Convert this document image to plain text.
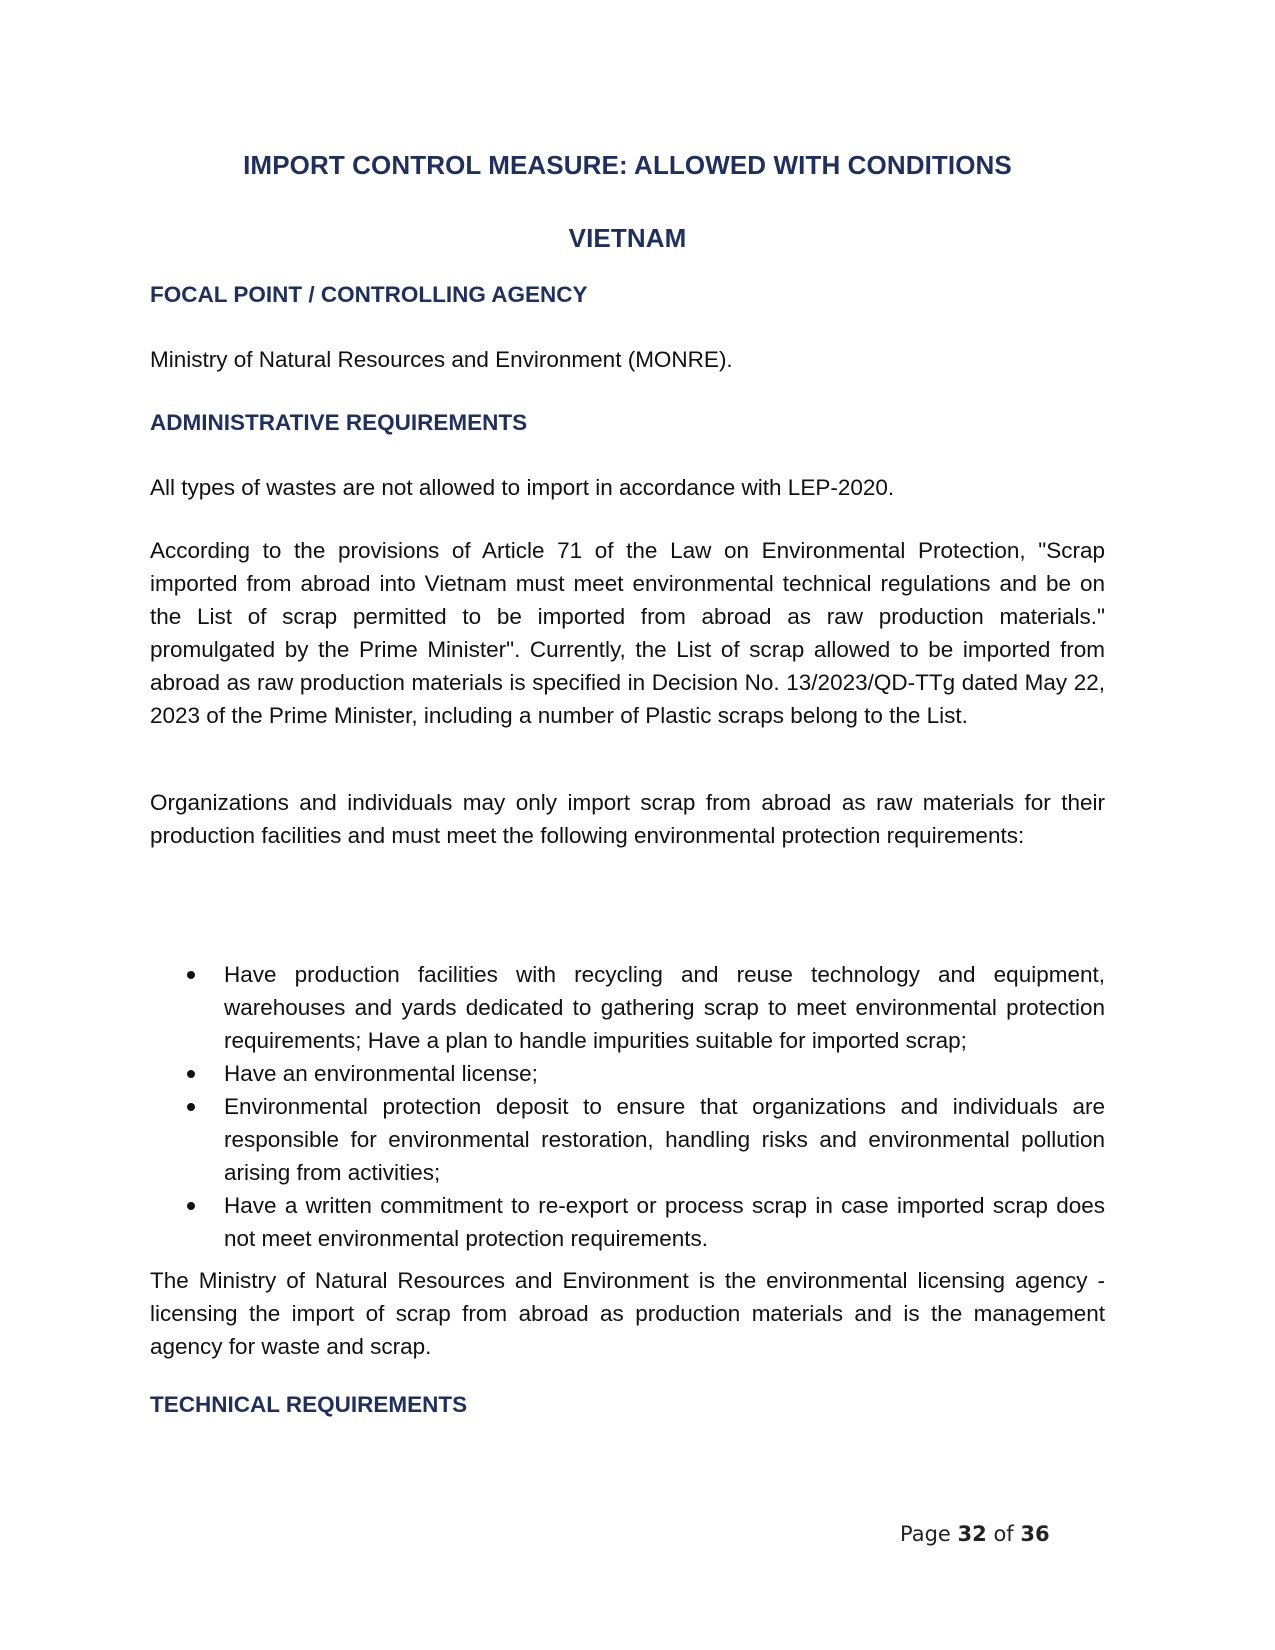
IMPORT CONTROL MEASURE: ALLOWED WITH CONDITIONS
VIETNAM
FOCAL POINT / CONTROLLING AGENCY

Ministry of Natural Resources and Environment (MONRE).

ADMINISTRATIVE REQUIREMENTS

All types of wastes are not allowed to import in accordance with LEP-2020.

According to the provisions of Article 71 of the Law on Environmental Protection, "Scrap imported from abroad into Vietnam must meet environmental technical regulations and be on the List of scrap permitted to be imported from abroad as raw production materials." promulgated by the Prime Minister". Currently, the List of scrap allowed to be imported from abroad as raw production materials is specified in Decision No. 13/2023/QD-TTg dated May 22, 2023 of the Prime Minister, including a number of Plastic scraps belong to the List.

Organizations and individuals may only import scrap from abroad as raw materials for their production facilities and must meet the following environmental protection requirements:

Have production facilities with recycling and reuse technology and equipment, warehouses and yards dedicated to gathering scrap to meet environmental protection requirements; Have a plan to handle impurities suitable for imported scrap;
Have an environmental license;
Environmental protection deposit to ensure that organizations and individuals are responsible for environmental restoration, handling risks and environmental pollution arising from activities;
Have a written commitment to re-export or process scrap in case imported scrap does not meet environmental protection requirements.

The Ministry of Natural Resources and Environment is the environmental licensing agency - licensing the import of scrap from abroad as production materials and is the management agency for waste and scrap.

TECHNICAL REQUIREMENTS
Page 32 of 36
